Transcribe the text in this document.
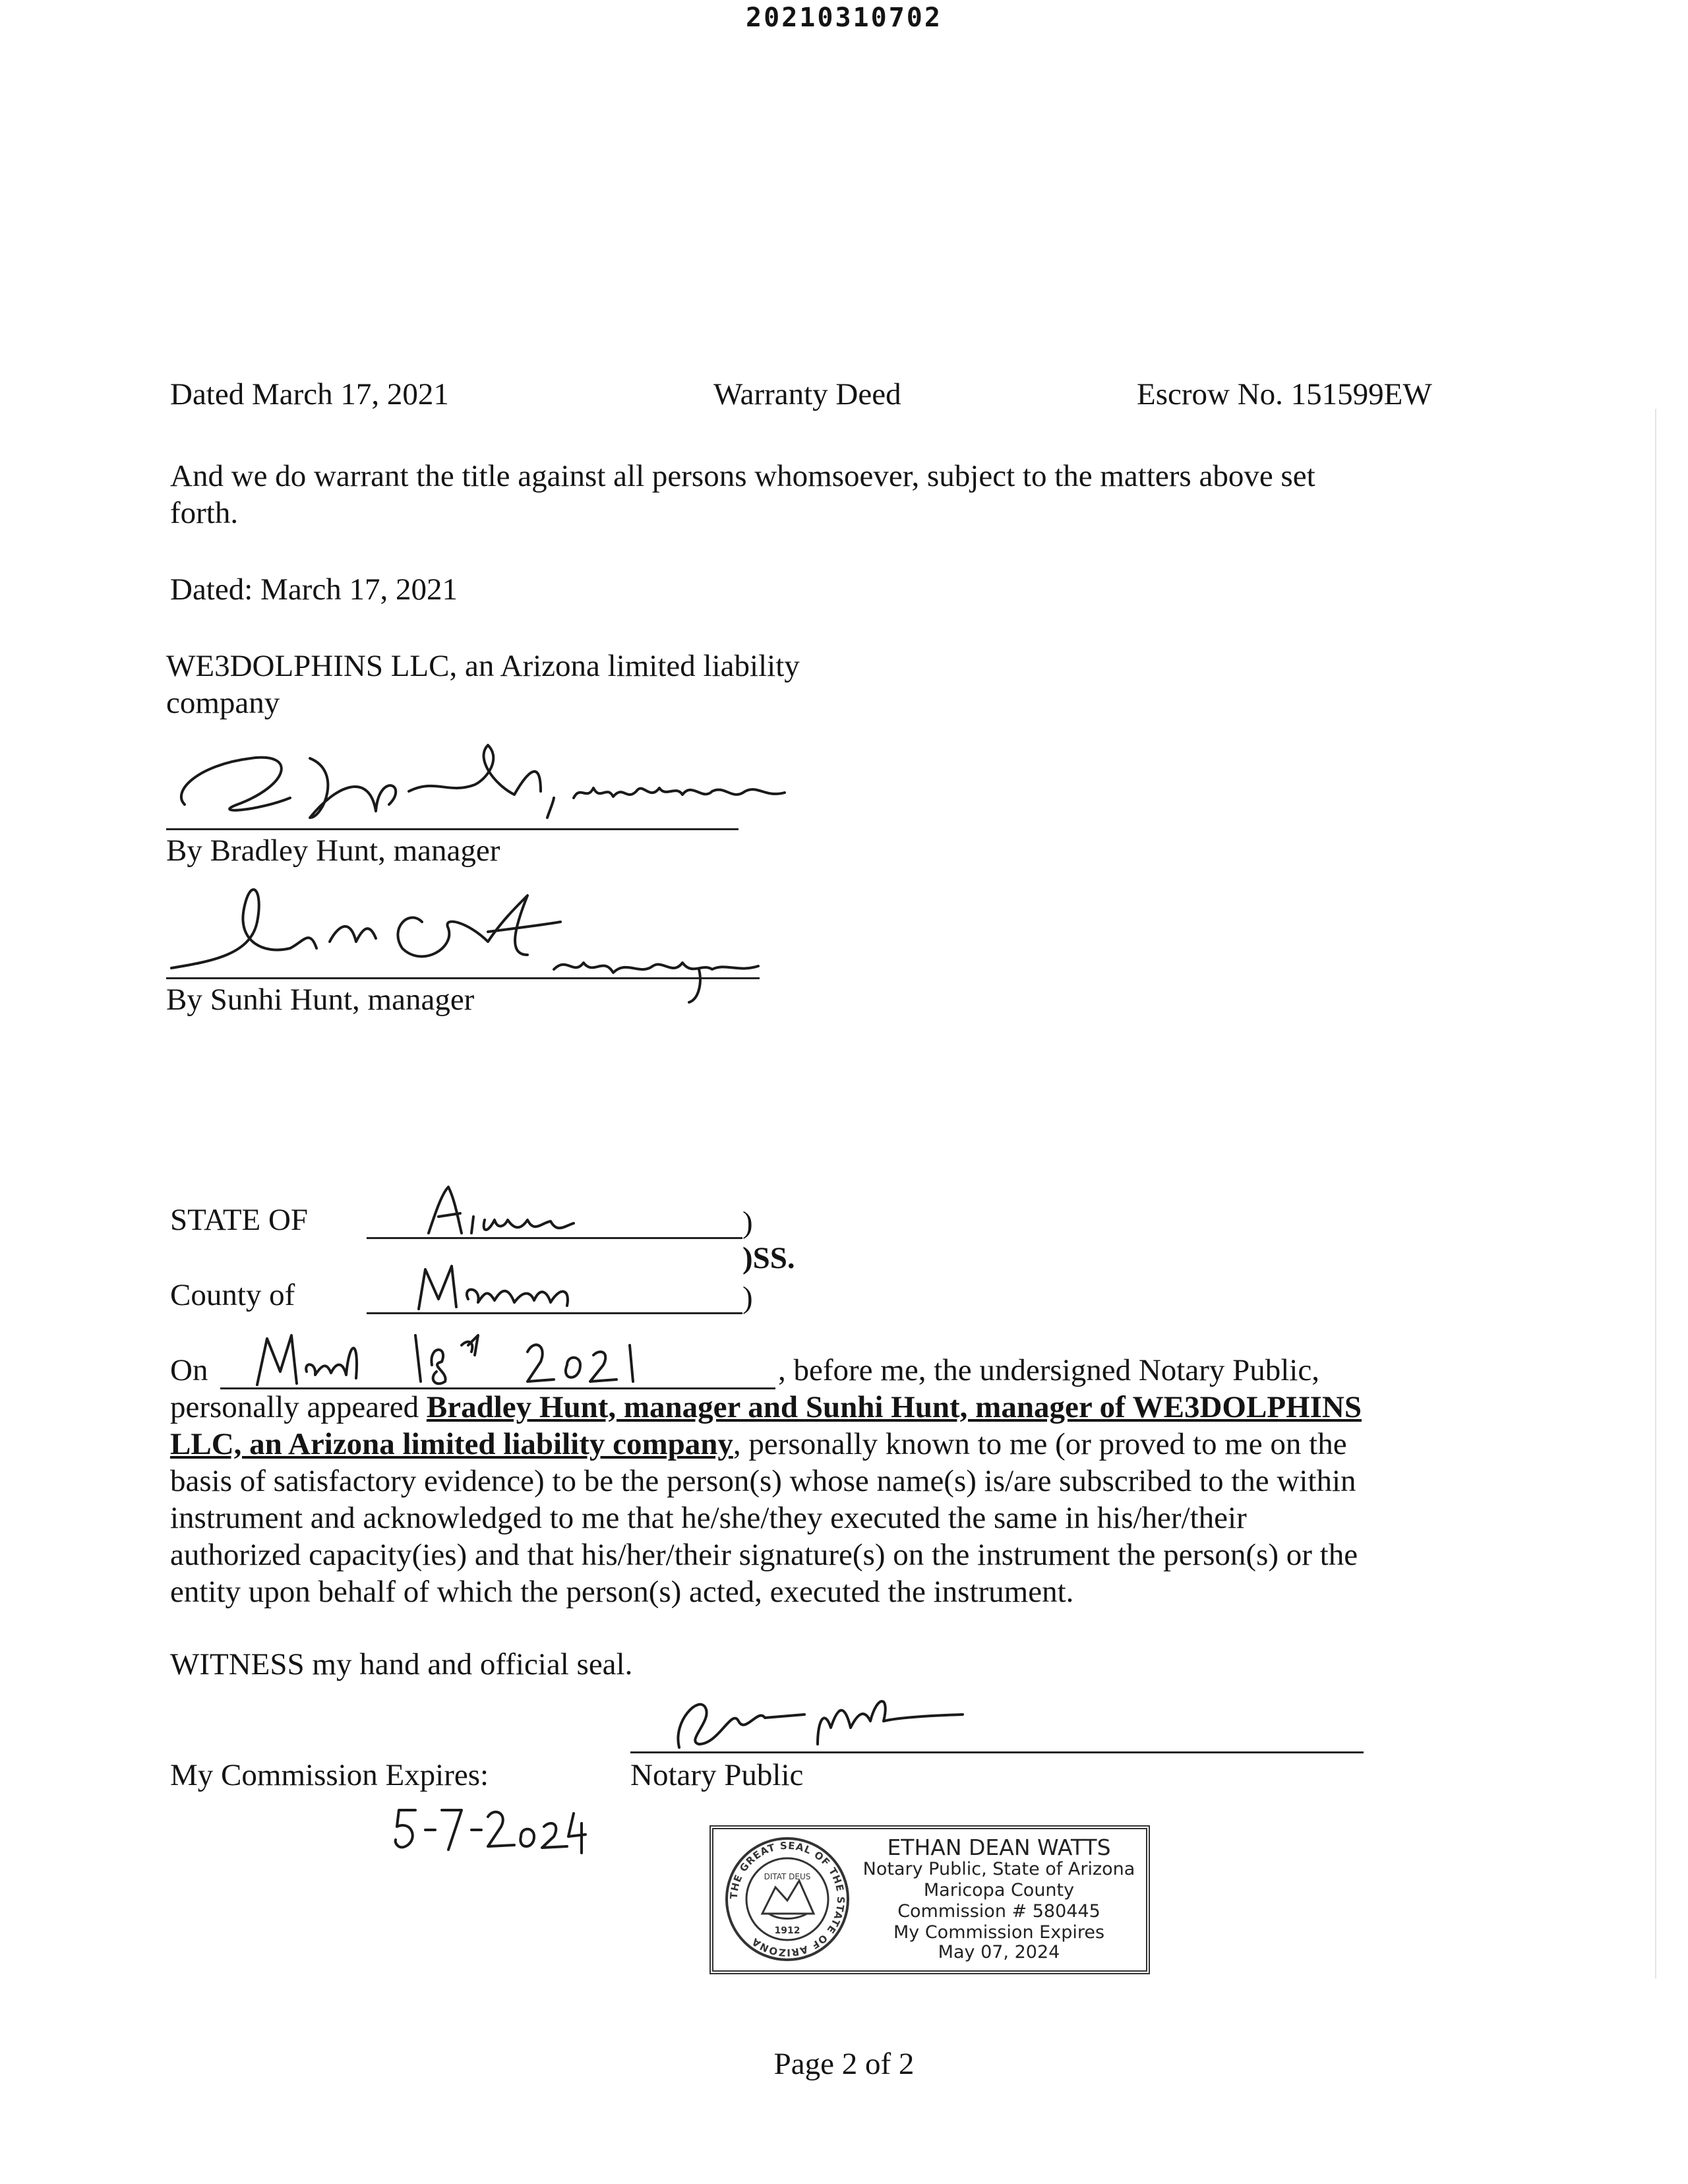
20210310702
Dated March 17, 2021	Warranty Deed	Escrow No. 151599EW
And we do warrant the title against all persons whomsoever, subject to the matters above set
forth.
Dated: March 17, 2021
WE3DOLPHINS LLC, an Arizona limited liability
company
By Bradley Hunt, manager
By Sunhi Hunt, manager
STATE OF	)
)SS.
County of	)
On	, before me, the undersigned Notary Public,
personally appeared Bradley Hunt, manager and Sunhi Hunt, manager of WE3DOLPHINS
LLC, an Arizona limited liability company, personally known to me (or proved to me on the
basis of satisfactory evidence) to be the person(s) whose name(s) is/are subscribed to the within
instrument and acknowledged to me that he/she/they executed the same in his/her/their
authorized capacity(ies) and that his/her/their signature(s) on the instrument the person(s) or the
entity upon behalf of which the person(s) acted, executed the instrument.
WITNESS my hand and official seal.
My Commission Expires:	Notary Public
THE GREAT SEAL OF THE STATE OF ARIZONA
DITAT DEUS
1912
ETHAN DEAN WATTS
Notary Public, State of Arizona
Maricopa County
Commission # 580445
My Commission Expires
May 07, 2024
Page 2 of 2
